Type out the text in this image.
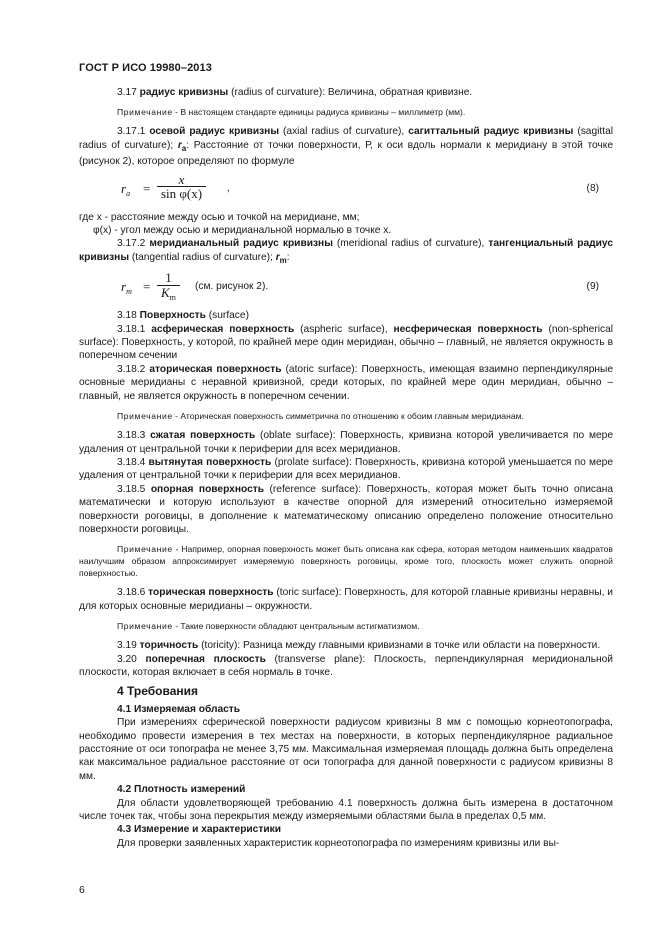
ГОСТ Р ИСО 19980–2013

3.17 радиус кривизны (radius of curvature): Величина, обратная кривизне.

Примечание - В настоящем стандарте единицы радиуса кривизны – миллиметр (мм).

3.17.1 осевой радиус кривизны (axial radius of curvature), сагиттальный радиус кривизны (sagittal radius of curvature); $r_a$: Расстояние от точки поверхности, Р, к оси вдоль нормали к меридиану в этой точке (рисунок 2), которое определяют по формуле

$r_a$ =
x
sin φ(x)	,	(8)

где x - расстояние между осью и точкой на меридиане, мм;

φ(x) - угол между осью и меридианальной нормалью в точке x.

3.17.2 меридианальный радиус кривизны (meridional radius of curvature), тангенциальный радиус кривизны (tangential radius of curvature); $r_m$:

$r_m$ =
1
$K_m$
(см. рисунок 2).	(9)

3.18 Поверхность (surface)

3.18.1 асферическая поверхность (aspheric surface), несферическая поверхность (non-spherical surface): Поверхность, у которой, по крайней мере один меридиан, обычно – главный, не является окружность в поперечном сечении

3.18.2 аторическая поверхность (atoric surface): Поверхность, имеющая взаимно перпендикулярные основные меридианы с неравной кривизной, среди которых, по крайней мере один меридиан, обычно – главный, не является окружность в поперечном сечении.

Примечание - Аторическая поверхность симметрична по отношению к обоим главным меридианам.

3.18.3 сжатая поверхность (oblate surface): Поверхность, кривизна которой увеличивается по мере удаления от центральной точки к периферии для всех меридианов.

3.18.4 вытянутая поверхность (prolate surface): Поверхность, кривизна которой уменьшается по мере удаления от центральной точки к периферии для всех меридианов.

3.18.5 опорная поверхность (reference surface): Поверхность, которая может быть точно описана математически и которую используют в качестве опорной для измерений относительно измеряемой поверхности роговицы, в дополнение к математическому описанию определено положение относительно поверхности роговицы.

Примечание - Например, опорная поверхность может быть описана как сфера, которая методом наименьших квадратов наилучшим образом аппроксимирует измеряемую поверхность роговицы, кроме того, плоскость может служить опорной поверхностью.

3.18.6 торическая поверхность (toric surface): Поверхность, для которой главные кривизны неравны, и для которых основные меридианы – окружности.

Примечание - Такие поверхности обладают центральным астигматизмом.

3.19 торичность (toricity): Разница между главными кривизнами в точке или области на поверхности.

3.20 поперечная плоскость (transverse plane): Плоскость, перпендикулярная меридиональной плоскости, которая включает в себя нормаль в точке.

4 Требования

4.1 Измеряемая область

При измерениях сферической поверхности радиусом кривизны 8 мм с помощью корнеотопографа, необходимо провести измерения в тех местах на поверхности, в которых перпендикулярное радиальное расстояние от оси топографа не менее 3,75 мм. Максимальная измеряемая площадь должна быть определена как максимальное радиальное расстояние от оси топографа для данной поверхности с радиусом кривизны 8 мм.

4.2 Плотность измерений

Для области удовлетворяющей требованию 4.1 поверхность должна быть измерена в достаточном числе точек так, чтобы зона перекрытия между измеряемыми областями была в пределах 0,5 мм.

4.3 Измерение и характеристики

Для проверки заявленных характеристик корнеотопографа по измерениям кривизны или вы-

6
